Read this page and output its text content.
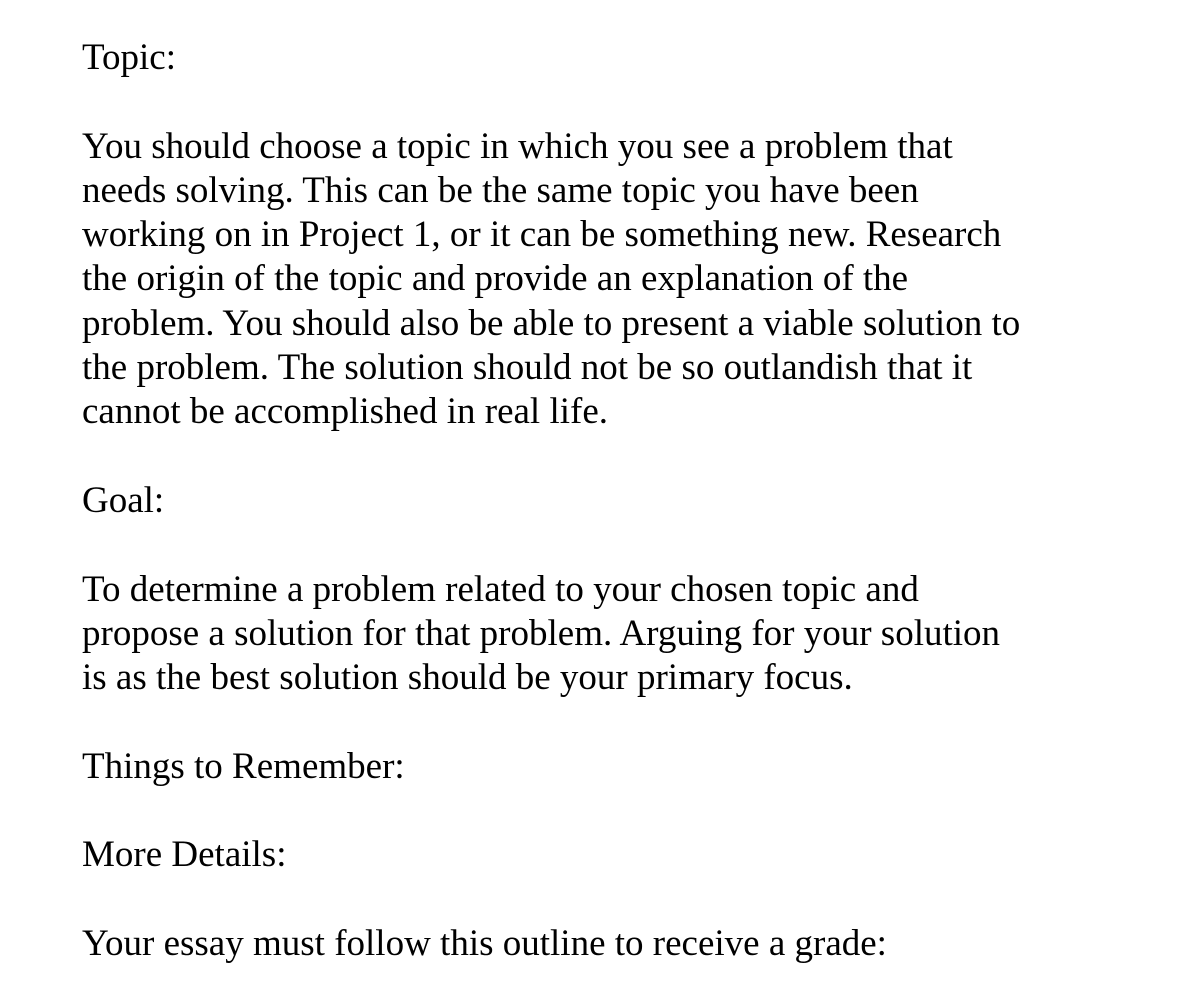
Topic:
You should choose a topic in which you see a problem that
needs solving. This can be the same topic you have been
working on in Project 1, or it can be something new. Research
the origin of the topic and provide an explanation of the
problem. You should also be able to present a viable solution to
the problem. The solution should not be so outlandish that it
cannot be accomplished in real life.
Goal:
To determine a problem related to your chosen topic and
propose a solution for that problem. Arguing for your solution
is as the best solution should be your primary focus.
Things to Remember:
More Details:
Your essay must follow this outline to receive a grade:
